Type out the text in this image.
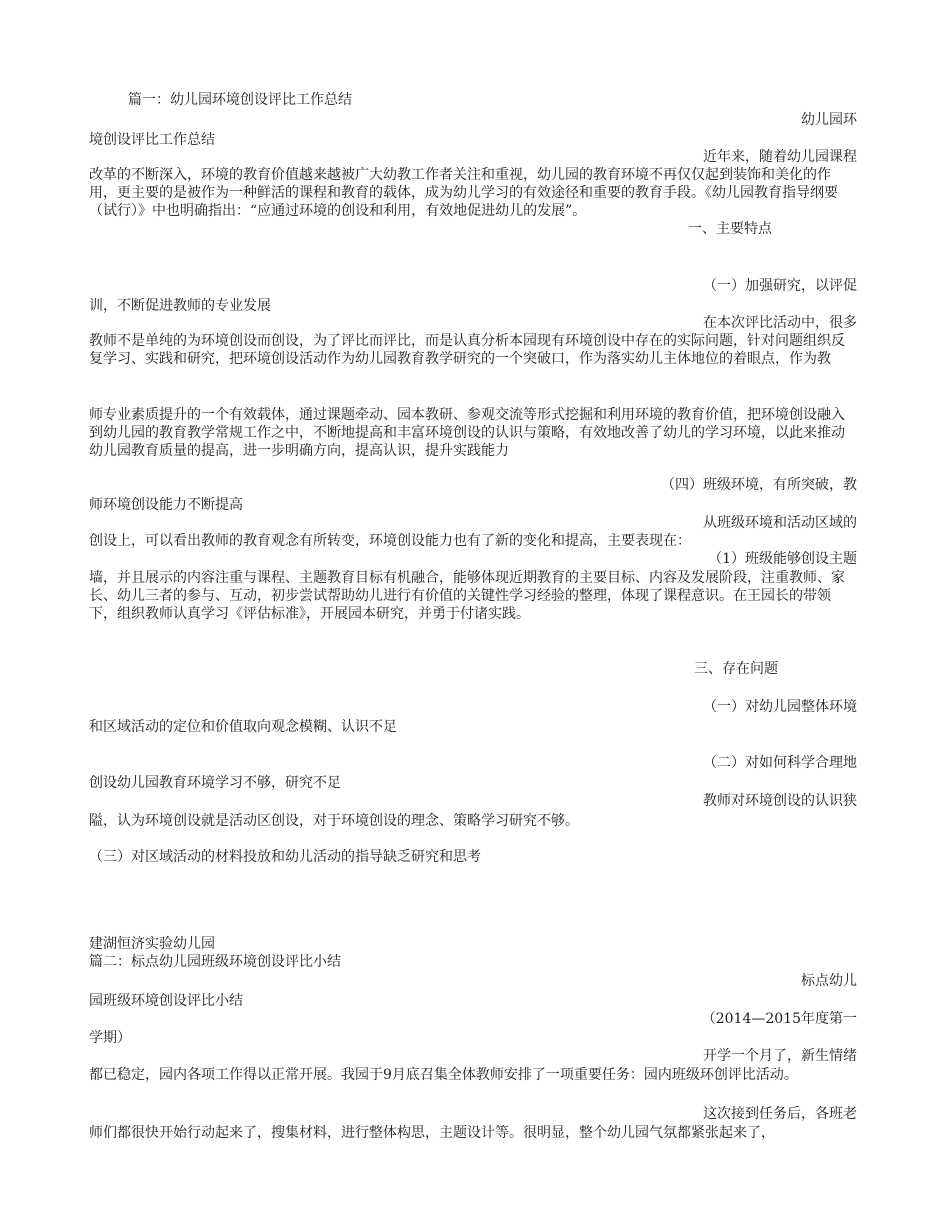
篇一：幼儿园环境创设评比工作总结
幼儿园环
境创设评比工作总结
近年来，随着幼儿园课程
改革的不断深入，环境的教育价值越来越被广大幼教工作者关注和重视，幼儿园的教育环境不再仅仅起到装饰和美化的作用，更主要的是被作为一种鲜活的课程和教育的载体，成为幼儿学习的有效途径和重要的教育手段。《幼儿园教育指导纲要（试行）》中也明确指出：“应通过环境的创设和利用，有效地促进幼儿的发展”。
一、主要特点
（一）加强研究，以评促
训，不断促进教师的专业发展
在本次评比活动中，很多
教师不是单纯的为环境创设而创设，为了评比而评比，而是认真分析本园现有环境创设中存在的实际问题，针对问题组织反复学习、实践和研究，把环境创设活动作为幼儿园教育教学研究的一个突破口，作为落实幼儿主体地位的着眼点，作为教
师专业素质提升的一个有效载体，通过课题牵动、园本教研、参观交流等形式挖掘和利用环境的教育价值，把环境创设融入到幼儿园的教育教学常规工作之中，不断地提高和丰富环境创设的认识与策略，有效地改善了幼儿的学习环境，以此来推动幼儿园教育质量的提高，进一步明确方向，提高认识，提升实践能力
（四）班级环境，有所突破，教
师环境创设能力不断提高
从班级环境和活动区域的
创设上，可以看出教师的教育观念有所转变，环境创设能力也有了新的变化和提高，主要表现在：
（1）班级能够创设主题
墙，并且展示的内容注重与课程、主题教育目标有机融合，能够体现近期教育的主要目标、内容及发展阶段，注重教师、家长、幼儿三者的参与、互动，初步尝试帮助幼儿进行有价值的关键性学习经验的整理，体现了课程意识。在王园长的带领下，组织教师认真学习《评估标准》，开展园本研究，并勇于付诸实践。
三、存在问题
（一）对幼儿园整体环境
和区域活动的定位和价值取向观念模糊、认识不足
（二）对如何科学合理地
创设幼儿园教育环境学习不够，研究不足
教师对环境创设的认识狭
隘，认为环境创设就是活动区创设，对于环境创设的理念、策略学习研究不够。
（三）对区域活动的材料投放和幼儿活动的指导缺乏研究和思考
建湖恒济实验幼儿园
篇二：标点幼儿园班级环境创设评比小结
标点幼儿
园班级环境创设评比小结
（2014—2015年度第一
学期）
开学一个月了，新生情绪
都已稳定，园内各项工作得以正常开展。我园于9月底召集全体教师安排了一项重要任务：园内班级环创评比活动。
这次接到任务后，各班老
师们都很快开始行动起来了，搜集材料，进行整体构思，主题设计等。很明显，整个幼儿园气氛都紧张起来了，
